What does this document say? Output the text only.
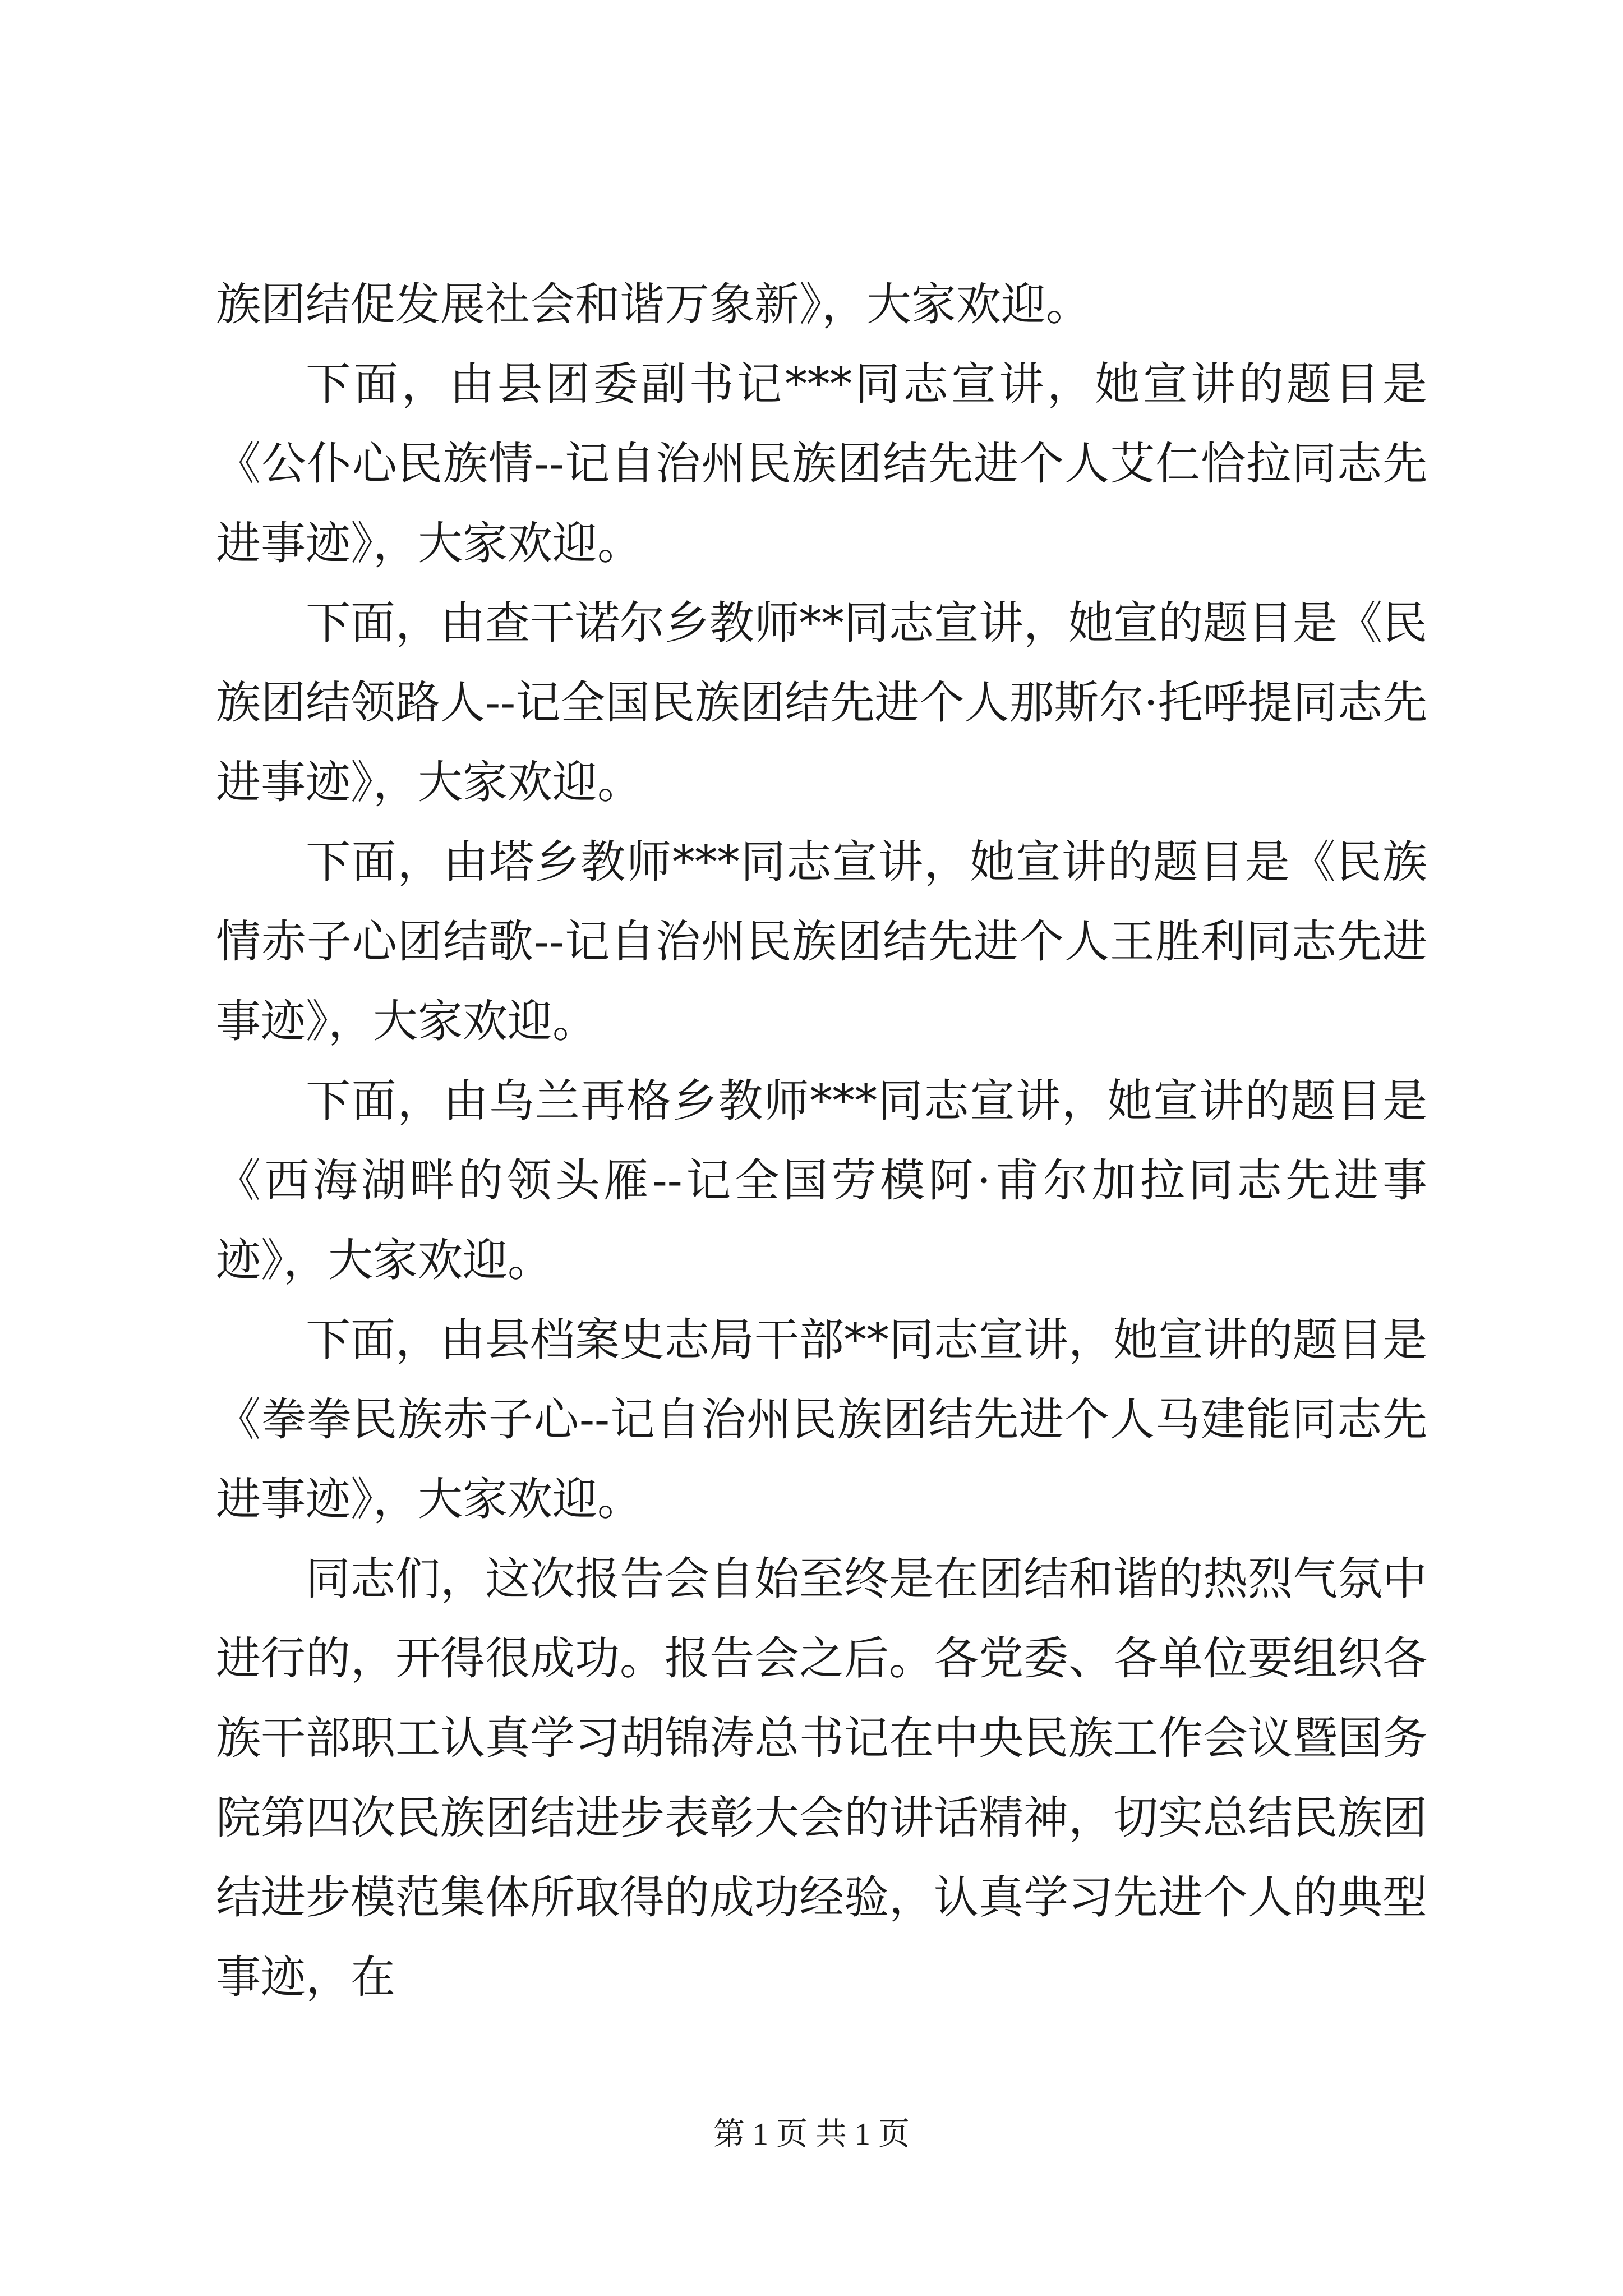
族团结促发展社会和谐万象新》，大家欢迎。

下面，由县团委副书记***同志宣讲，她宣讲的题目是《公仆心民族情--记自治州民族团结先进个人艾仁恰拉同志先进事迹》，大家欢迎。

下面，由查干诺尔乡教师**同志宣讲，她宣的题目是《民族团结领路人--记全国民族团结先进个人那斯尔·托呼提同志先进事迹》，大家欢迎。

下面，由塔乡教师***同志宣讲，她宣讲的题目是《民族情赤子心团结歌--记自治州民族团结先进个人王胜利同志先进事迹》，大家欢迎。

下面，由乌兰再格乡教师***同志宣讲，她宣讲的题目是《西海湖畔的领头雁--记全国劳模阿·甫尔加拉同志先进事迹》，大家欢迎。

下面，由县档案史志局干部**同志宣讲，她宣讲的题目是《拳拳民族赤子心--记自治州民族团结先进个人马建能同志先进事迹》，大家欢迎。

同志们，这次报告会自始至终是在团结和谐的热烈气氛中进行的，开得很成功。报告会之后。各党委、各单位要组织各族干部职工认真学习胡锦涛总书记在中央民族工作会议暨国务院第四次民族团结进步表彰大会的讲话精神，切实总结民族团结进步模范集体所取得的成功经验，认真学习先进个人的典型事迹，在

第 1 页 共 1 页
